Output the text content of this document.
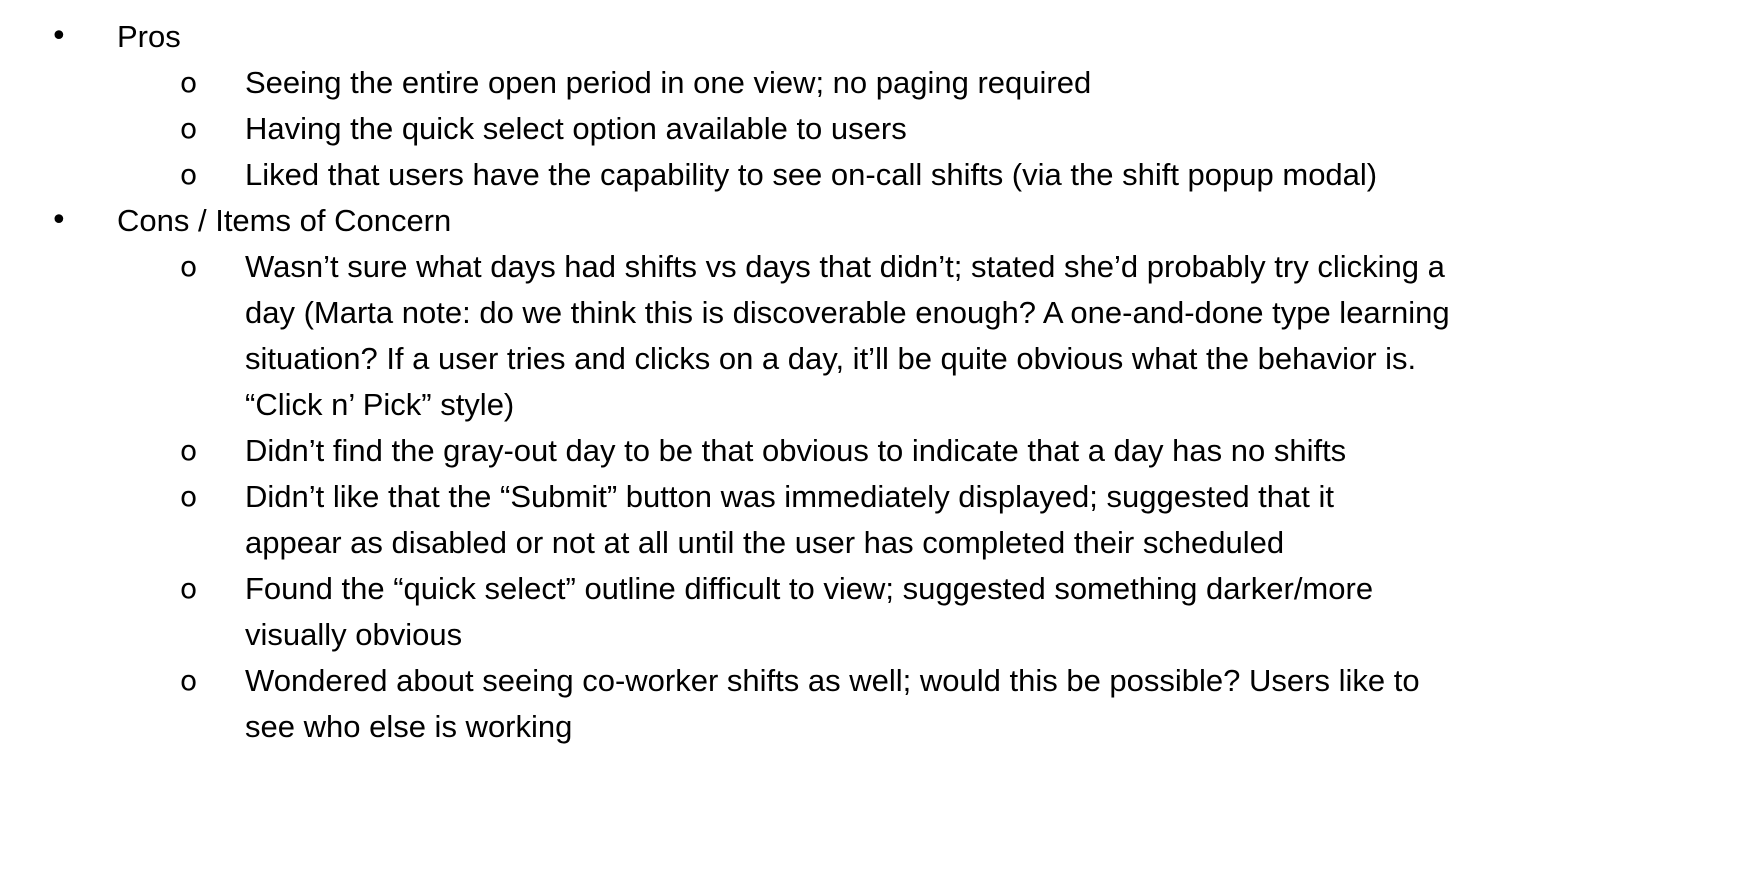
• Pros
o Seeing the entire open period in one view; no paging required
o Having the quick select option available to users
o Liked that users have the capability to see on-call shifts (via the shift popup modal)
• Cons / Items of Concern
o Wasn’t sure what days had shifts vs days that didn’t; stated she’d probably try clicking a
day (Marta note: do we think this is discoverable enough? A one-and-done type learning
situation? If a user tries and clicks on a day, it’ll be quite obvious what the behavior is.
“Click n’ Pick” style)
o Didn’t find the gray-out day to be that obvious to indicate that a day has no shifts
o Didn’t like that the “Submit” button was immediately displayed; suggested that it
appear as disabled or not at all until the user has completed their scheduled
o Found the “quick select” outline difficult to view; suggested something darker/more
visually obvious
o Wondered about seeing co-worker shifts as well; would this be possible? Users like to
see who else is working
